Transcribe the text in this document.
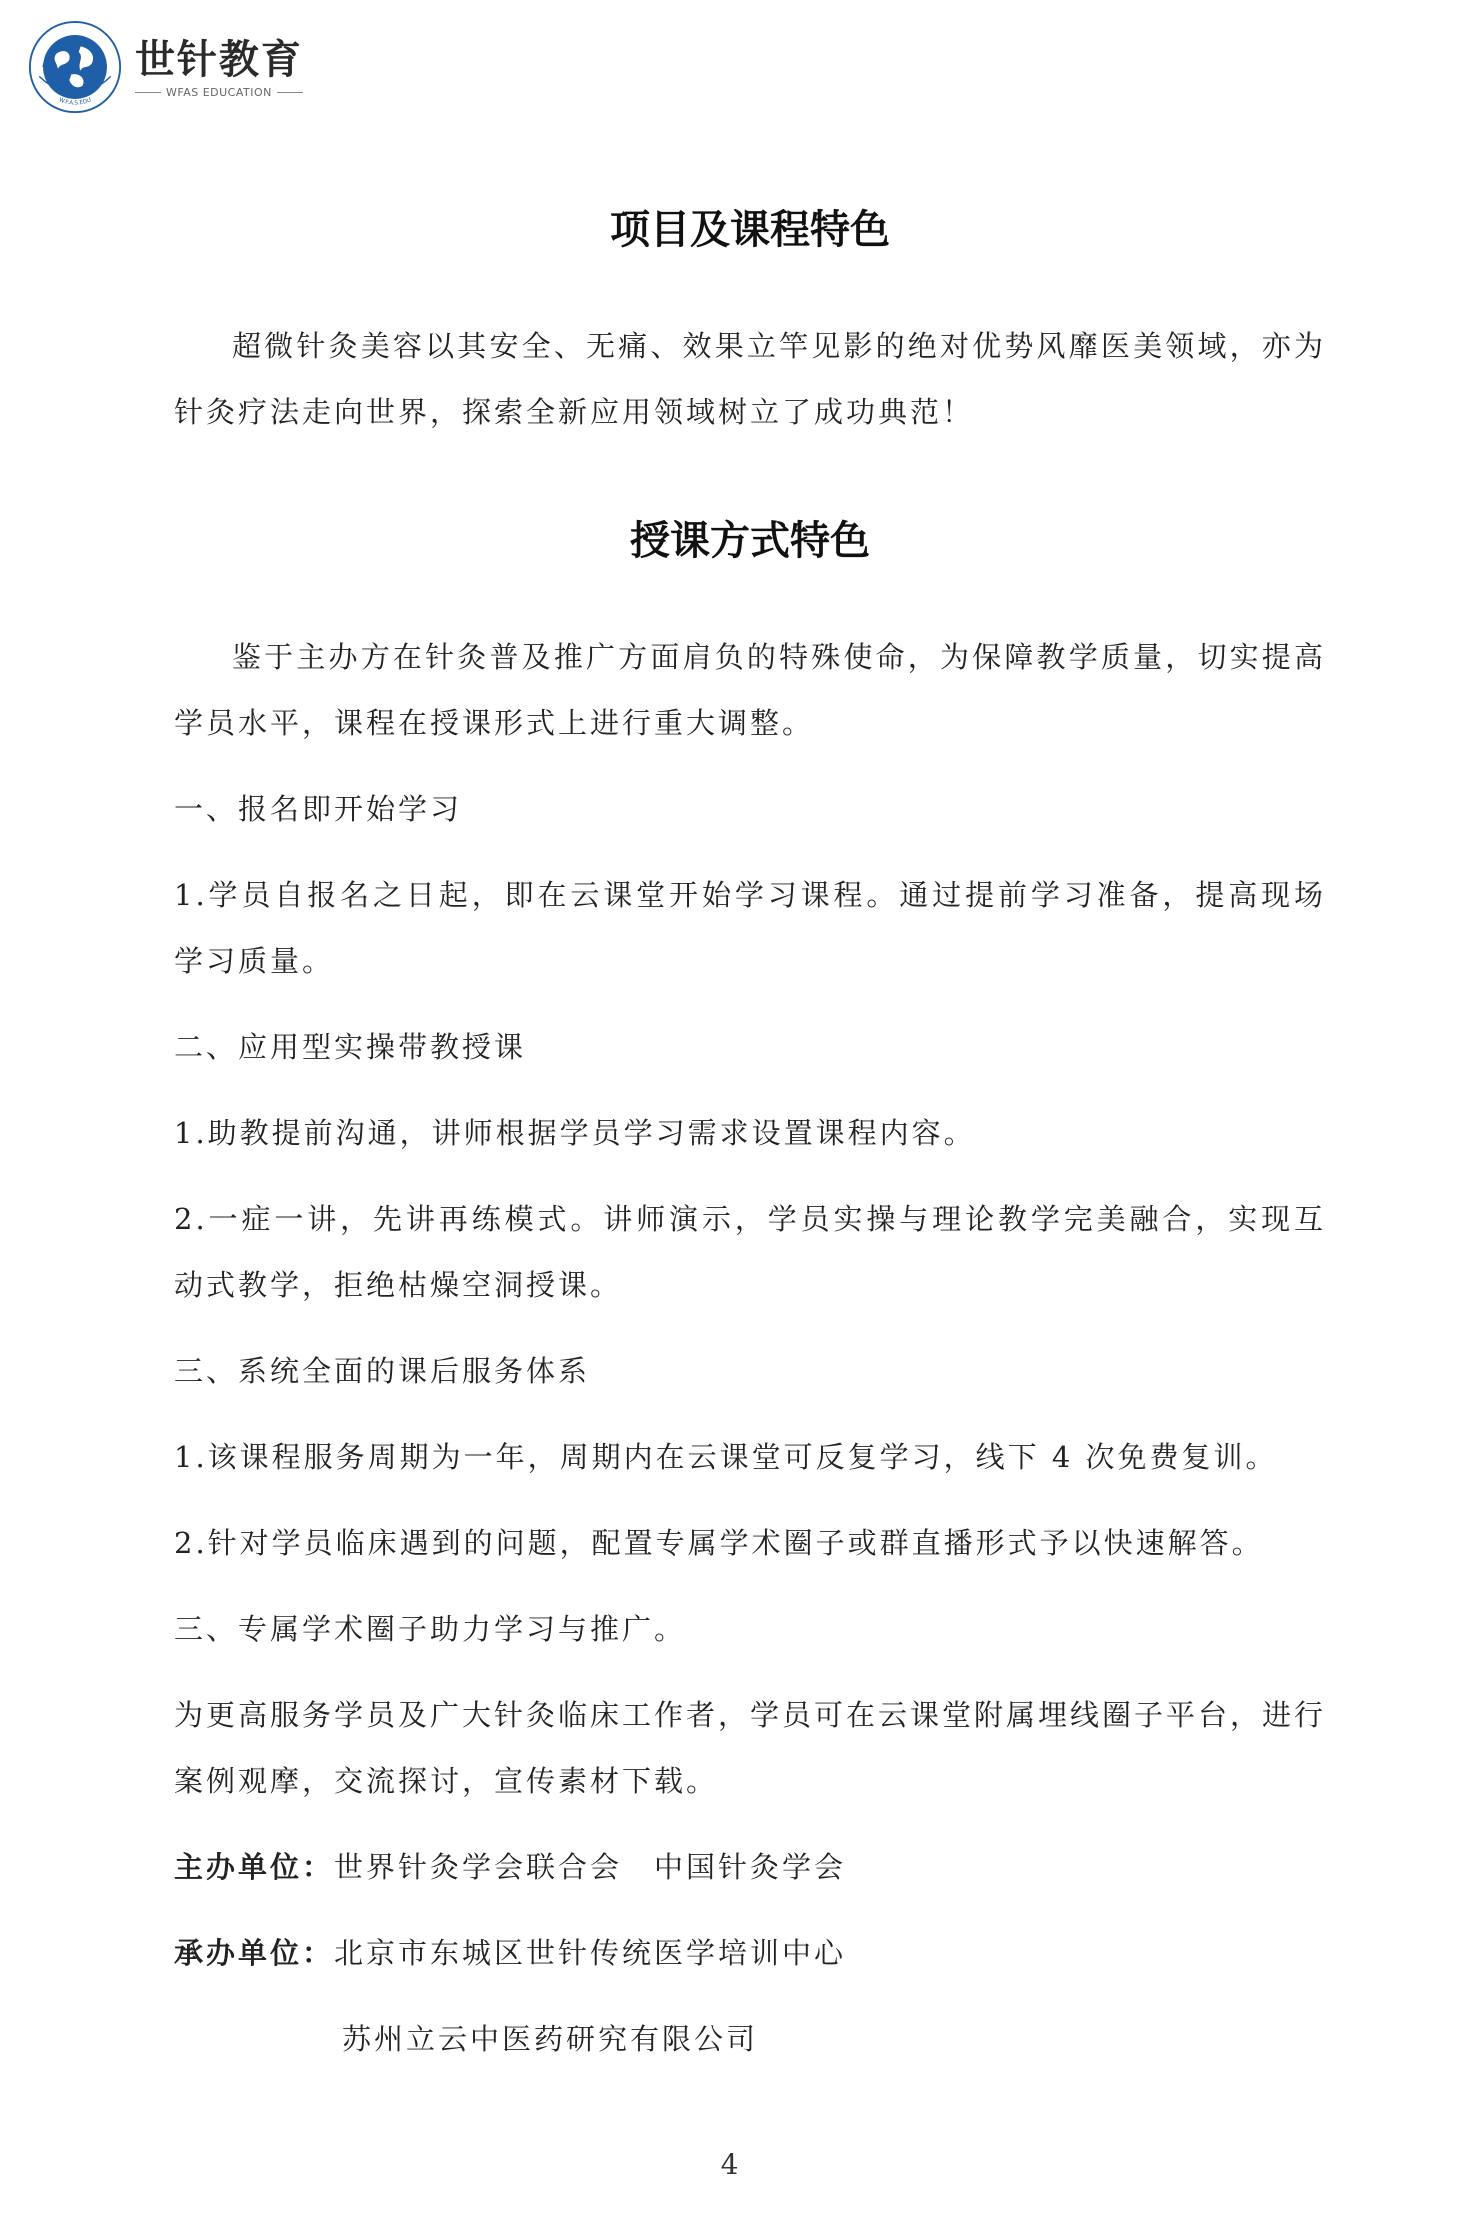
W.F.A.S.EDU
世针教育
WFAS EDUCATION
项目及课程特色

超微针灸美容以其安全、无痛、效果立竿见影的绝对优势风靡医美领域，亦为针灸疗法走向世界，探索全新应用领域树立了成功典范！

授课方式特色

鉴于主办方在针灸普及推广方面肩负的特殊使命，为保障教学质量，切实提高学员水平，课程在授课形式上进行重大调整。

一、报名即开始学习

1.学员自报名之日起，即在云课堂开始学习课程。通过提前学习准备，提高现场学习质量。

二、应用型实操带教授课

1.助教提前沟通，讲师根据学员学习需求设置课程内容。

2.一症一讲，先讲再练模式。讲师演示，学员实操与理论教学完美融合，实现互动式教学，拒绝枯燥空洞授课。

三、系统全面的课后服务体系

1.该课程服务周期为一年，周期内在云课堂可反复学习，线下 4 次免费复训。

2.针对学员临床遇到的问题，配置专属学术圈子或群直播形式予以快速解答。

三、专属学术圈子助力学习与推广。

为更高服务学员及广大针灸临床工作者，学员可在云课堂附属埋线圈子平台，进行案例观摩，交流探讨，宣传素材下载。

主办单位：世界针灸学会联合会　中国针灸学会

承办单位：北京市东城区世针传统医学培训中心

苏州立云中医药研究有限公司

4
